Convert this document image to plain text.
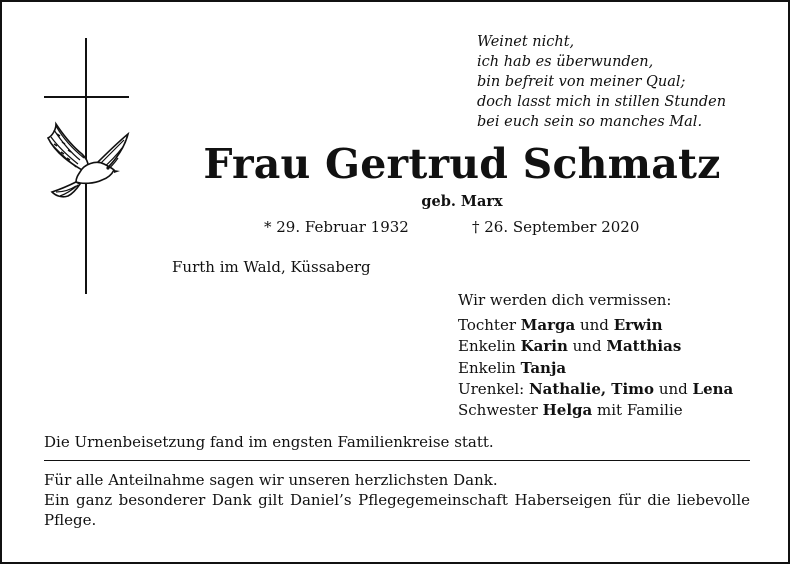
Weinet nicht,
ich hab es überwunden,
bin befreit von meiner Qual;
doch lasst mich in stillen Stunden
bei euch sein so manches Mal.
Frau Gertrud Schmatz
geb. Marx
* 29. Februar 1932	† 26. September 2020
Furth im Wald, Küssaberg
Wir werden dich vermissen:
Tochter Marga und Erwin
Enkelin Karin und Matthias
Enkelin Tanja
Urenkel: Nathalie, Timo und Lena
Schwester Helga mit Familie
Die Urnenbeisetzung fand im engsten Familienkreise statt.
Für alle Anteilnahme sagen wir unseren herzlichsten Dank.
Ein ganz besonderer Dank gilt Daniel’s Pflegegemeinschaft Haberseigen für die liebevolle Pflege.
